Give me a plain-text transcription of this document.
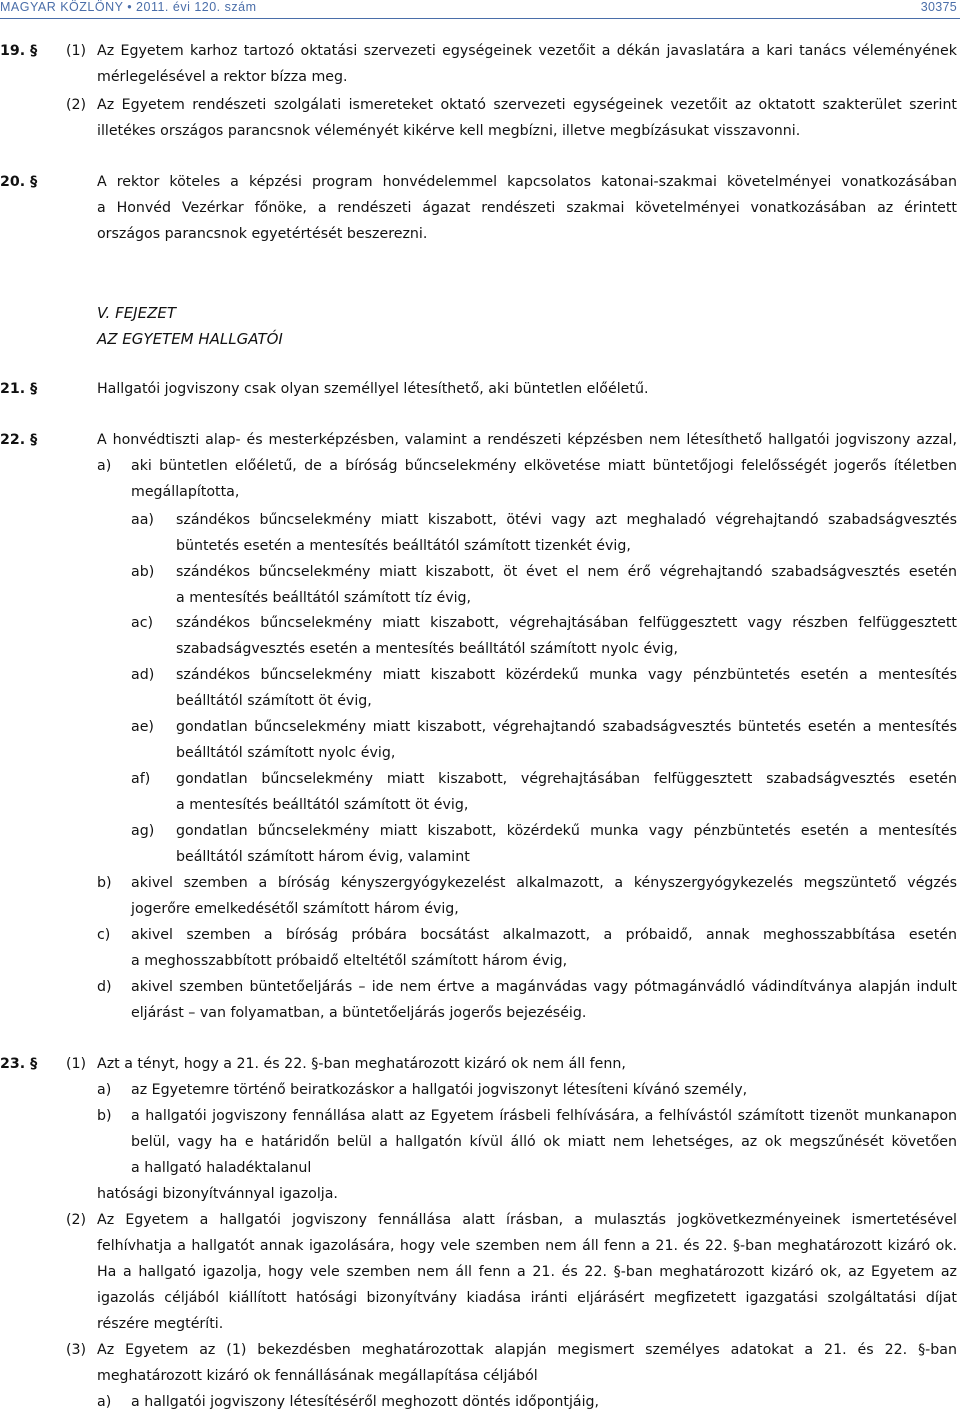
MAGYAR KÖZLÖNY • 2011. évi 120. szám	30375
19. § (1) Az Egyetem karhoz tartozó oktatási szervezeti egységeinek vezetőit a dékán javaslatára a kari tanács véleményének
mérlegelésével a rektor bízza meg.
(2) Az Egyetem rendészeti szolgálati ismereteket oktató szervezeti egységeinek vezetőit az oktatott szakterület szerint
illetékes országos parancsnok véleményét kikérve kell megbízni, illetve megbízásukat visszavonni.
20. §	A rektor köteles a képzési program honvédelemmel kapcsolatos katonai-szakmai követelményei vonatkozásában
a Honvéd Vezérkar főnöke, a rendészeti ágazat rendészeti szakmai követelményei vonatkozásában az érintett
országos parancsnok egyetértését beszerezni.
V. FEJEZET
AZ EGYETEM HALLGATÓI
21. §	Hallgatói jogviszony csak olyan személlyel létesíthető, aki büntetlen előéletű.
22. §	A honvédtiszti alap- és mesterképzésben, valamint a rendészeti képzésben nem létesíthető hallgatói jogviszony azzal,
a) aki büntetlen előéletű, de a bíróság bűncselekmény elkövetése miatt büntetőjogi felelősségét jogerős ítéletben
megállapította,
aa) szándékos bűncselekmény miatt kiszabott, ötévi vagy azt meghaladó végrehajtandó szabadságvesztés
büntetés esetén a mentesítés beálltától számított tizenkét évig,
ab) szándékos bűncselekmény miatt kiszabott, öt évet el nem érő végrehajtandó szabadságvesztés esetén
a mentesítés beálltától számított tíz évig,
ac) szándékos bűncselekmény miatt kiszabott, végrehajtásában felfüggesztett vagy részben felfüggesztett
szabadságvesztés esetén a mentesítés beálltától számított nyolc évig,
ad) szándékos bűncselekmény miatt kiszabott közérdekű munka vagy pénzbüntetés esetén a mentesítés
beálltától számított öt évig,
ae) gondatlan bűncselekmény miatt kiszabott, végrehajtandó szabadságvesztés büntetés esetén a mentesítés
beálltától számított nyolc évig,
af) gondatlan bűncselekmény miatt kiszabott, végrehajtásában felfüggesztett szabadságvesztés esetén
a mentesítés beálltától számított öt évig,
ag) gondatlan bűncselekmény miatt kiszabott, közérdekű munka vagy pénzbüntetés esetén a mentesítés
beálltától számított három évig, valamint
b) akivel szemben a bíróság kényszergyógykezelést alkalmazott, a kényszergyógykezelés megszüntető végzés
jogerőre emelkedésétől számított három évig,
c) akivel szemben a bíróság próbára bocsátást alkalmazott, a próbaidő, annak meghosszabbítása esetén
a meghosszabbított próbaidő elteltétől számított három évig,
d) akivel szemben büntetőeljárás – ide nem értve a magánvádas vagy pótmagánvádló vádindítványa alapján indult
eljárást – van folyamatban, a büntetőeljárás jogerős bejezéséig.
23. § (1) Azt a tényt, hogy a 21. és 22. §-ban meghatározott kizáró ok nem áll fenn,
a) az Egyetemre történő beiratkozáskor a hallgatói jogviszonyt létesíteni kívánó személy,
b) a hallgatói jogviszony fennállása alatt az Egyetem írásbeli felhívására, a felhívástól számított tizenöt munkanapon
belül, vagy ha e határidőn belül a hallgatón kívül álló ok miatt nem lehetséges, az ok megszűnését követően
a hallgató haladéktalanul
hatósági bizonyítvánnyal igazolja.
(2) Az Egyetem a hallgatói jogviszony fennállása alatt írásban, a mulasztás jogkövetkezményeinek ismertetésével
felhívhatja a hallgatót annak igazolására, hogy vele szemben nem áll fenn a 21. és 22. §-ban meghatározott kizáró ok.
Ha a hallgató igazolja, hogy vele szemben nem áll fenn a 21. és 22. §-ban meghatározott kizáró ok, az Egyetem az
igazolás céljából kiállított hatósági bizonyítvány kiadása iránti eljárásért megfizetett igazgatási szolgáltatási díjat
részére megtéríti.
(3) Az Egyetem az (1) bekezdésben meghatározottak alapján megismert személyes adatokat a 21. és 22. §-ban
meghatározott kizáró ok fennállásának megállapítása céljából
a) a hallgatói jogviszony létesítéséről meghozott döntés időpontjáig,
